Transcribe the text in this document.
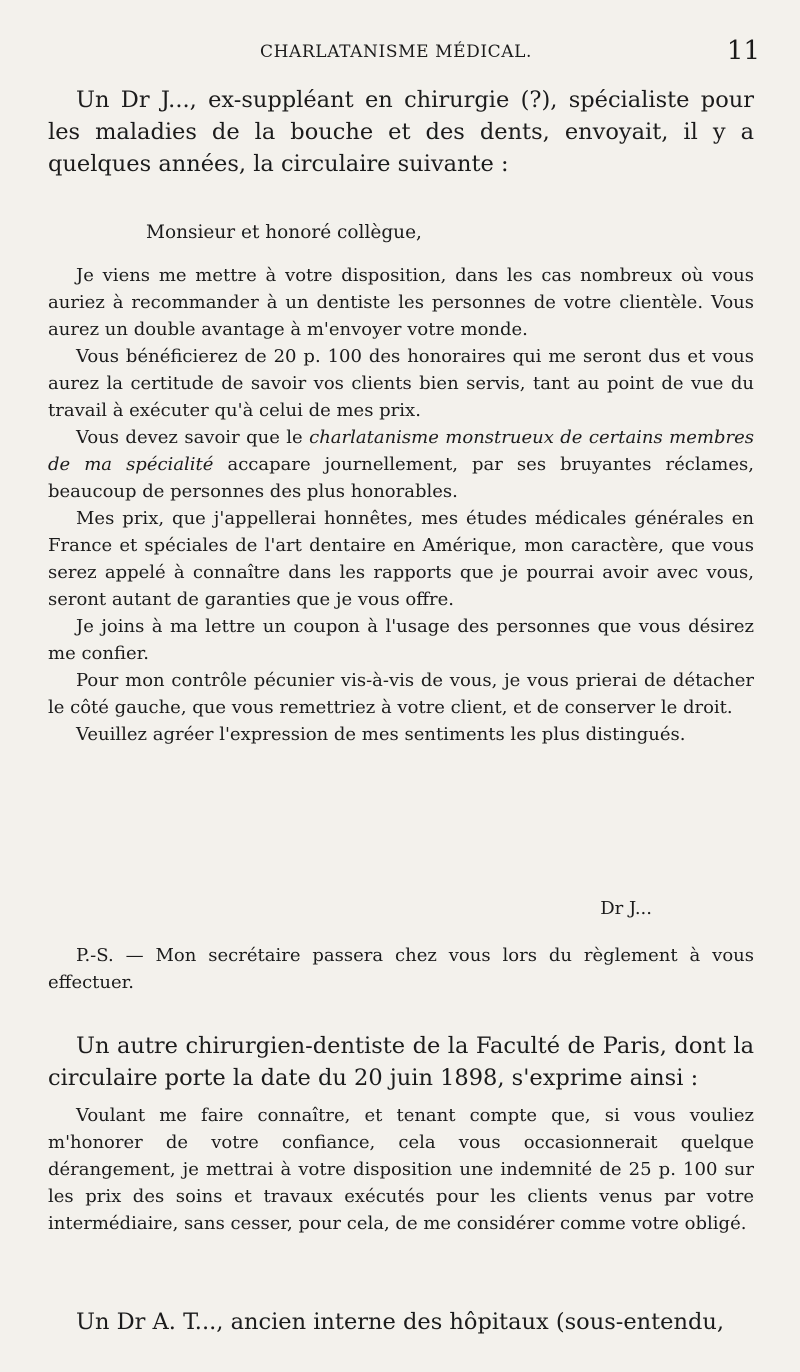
CHARLATANISME MÉDICAL.	11

Un Dr J..., ex-suppléant en chirurgie (?), spécialiste pour les maladies de la bouche et des dents, envoyait, il y a quelques années, la circulaire suivante :

Monsieur et honoré collègue,

Je viens me mettre à votre disposition, dans les cas nombreux où vous auriez à recommander à un dentiste les personnes de votre clientèle. Vous aurez un double avantage à m'envoyer votre monde.

Vous bénéficierez de 20 p. 100 des honoraires qui me seront dus et vous aurez la certitude de savoir vos clients bien servis, tant au point de vue du travail à exécuter qu'à celui de mes prix.

Vous devez savoir que le charlatanisme monstrueux de certains membres de ma spécialité accapare journellement, par ses bruyantes réclames, beaucoup de personnes des plus honorables.

Mes prix, que j'appellerai honnêtes, mes études médicales générales en France et spéciales de l'art dentaire en Amérique, mon caractère, que vous serez appelé à connaître dans les rapports que je pourrai avoir avec vous, seront autant de garanties que je vous offre.

Je joins à ma lettre un coupon à l'usage des personnes que vous désirez me confier.

Pour mon contrôle pécunier vis-à-vis de vous, je vous prierai de détacher le côté gauche, que vous remettriez à votre client, et de conserver le droit.

Veuillez agréer l'expression de mes sentiments les plus distingués.

Dr J...

P.-S. — Mon secrétaire passera chez vous lors du règlement à vous effectuer.

Un autre chirurgien-dentiste de la Faculté de Paris, dont la circulaire porte la date du 20 juin 1898, s'exprime ainsi :

Voulant me faire connaître, et tenant compte que, si vous vouliez m'honorer de votre confiance, cela vous occasionnerait quelque dérangement, je mettrai à votre disposition une indemnité de 25 p. 100 sur les prix des soins et travaux exécutés pour les clients venus par votre intermédiaire, sans cesser, pour cela, de me considérer comme votre obligé.

Un Dr A. T..., ancien interne des hôpitaux (sous-entendu,
